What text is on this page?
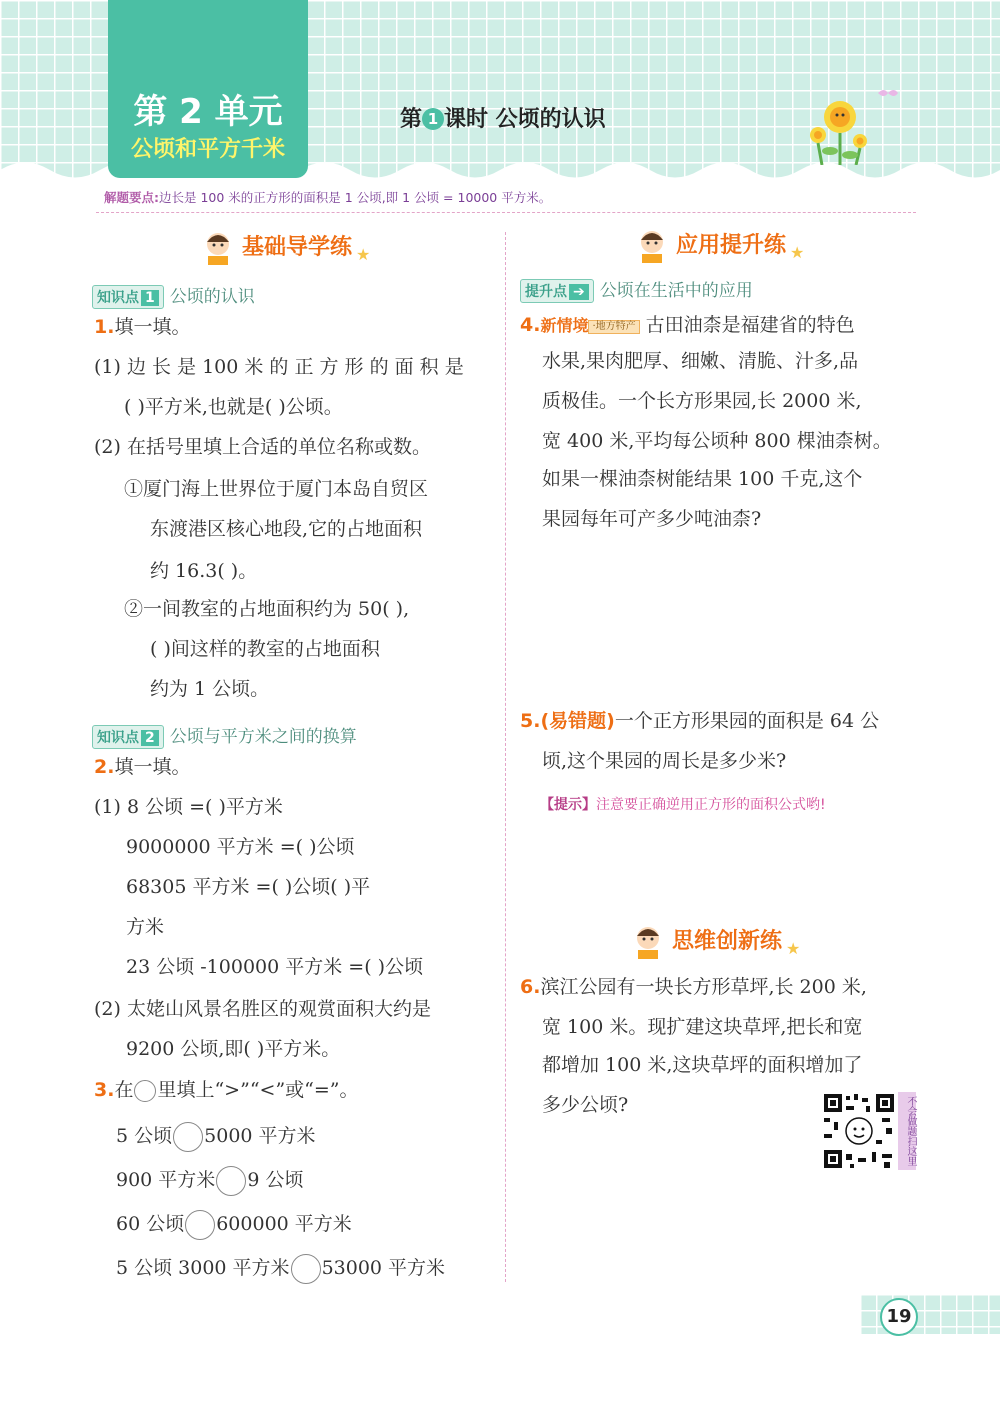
第 2 单元
公顷和平方千米
第 1 课时 公顷的认识
解题要点:边长是 100 米的正方形的面积是 1 公顷,即 1 公顷 = 10000 平方米。
基础导学练 $_★$
知识点 1 公顷的认识
1.填一填。
(1) 边 长 是 100 米 的 正 方 形 的 面 积 是
( )平方米,也就是( )公顷。
(2) 在括号里填上合适的单位名称或数。
①厦门海上世界位于厦门本岛自贸区
东渡港区核心地段,它的占地面积
约 16.3( )。
②一间教室的占地面积约为 50( ),
( )间这样的教室的占地面积
约为 1 公顷。
知识点 2 公顷与平方米之间的换算
2.填一填。
(1) 8 公顷 =( )平方米
9000000 平方米 =( )公顷
68305 平方米 =( )公顷( )平
方米
23 公顷 -100000 平方米 =( )公顷
(2) 太姥山风景名胜区的观赏面积大约是
9200 公顷,即( )平方米。
3.在 里填上“>”“<”或“=”。
5 公顷 5000 平方米
900 平方米 9 公顷
60 公顷 600000 平方米
5 公顷 3000 平方米 53000 平方米
应用提升练 $_★$
提升点 ➔ 公顷在生活中的应用
4.新情境 ·地方特产 古田油柰是福建省的特色
水果,果肉肥厚、细嫩、清脆、汁多,品
质极佳。一个长方形果园,长 2000 米,
宽 400 米,平均每公顷种 800 棵油柰树。
如果一棵油柰树能结果 100 千克,这个
果园每年可产多少吨油柰?
5.(易错题)一个正方形果园的面积是 64 公
顷,这个果园的周长是多少米?
【提示】注意要正确逆用正方形的面积公式哟!
思维创新练 $_★$
6.滨江公园有一块长方形草坪,长 200 米,
宽 100 米。现扩建这块草坪,把长和宽
都增加 100 米,这块草坪的面积增加了
多少公顷?	不会做题扫这里
19
